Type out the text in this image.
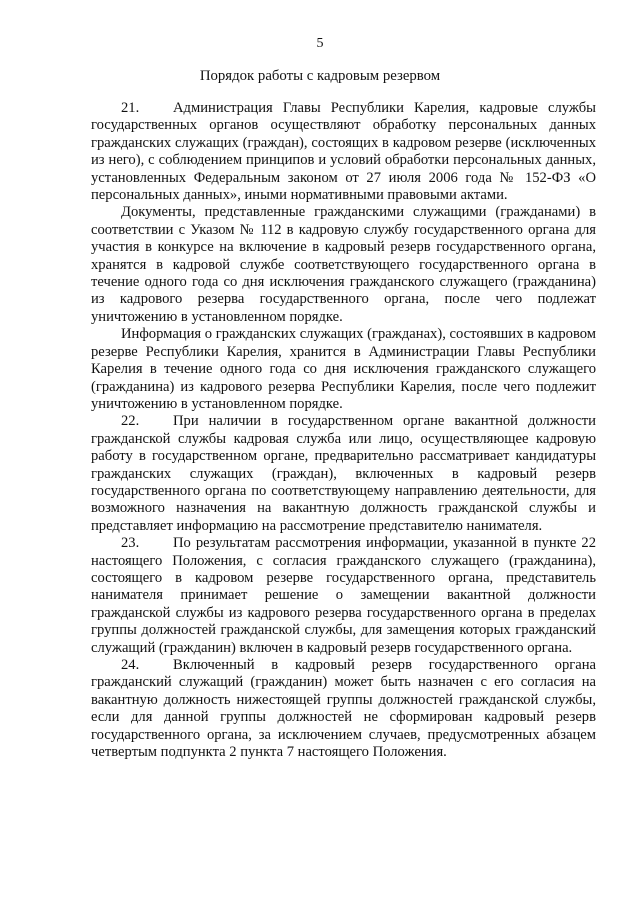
5
Порядок работы с кадровым резервом

21. Администрация Главы Республики Карелия, кадровые службы государственных органов осуществляют обработку персональных данных гражданских служащих (граждан), состоящих в кадровом резерве (исключенных из него), с соблюдением принципов и условий обработки персональных данных, установленных Федеральным законом от 27 июля 2006 года № 152-ФЗ «О персональных данных», иными нормативными правовыми актами.

Документы, представленные гражданскими служащими (гражданами) в соответствии с Указом № 112 в кадровую службу государственного органа для участия в конкурсе на включение в кадровый резерв государственного органа, хранятся в кадровой службе соответствующего государственного органа в течение одного года со дня исключения гражданского служащего (гражданина) из кадрового резерва государственного органа, после чего подлежат уничтожению в установленном порядке.

Информация о гражданских служащих (гражданах), состоявших в кадровом резерве Республики Карелия, хранится в Администрации Главы Республики Карелия в течение одного года со дня исключения гражданского служащего (гражданина) из кадрового резерва Республики Карелия, после чего подлежит уничтожению в установленном порядке.

22. При наличии в государственном органе вакантной должности гражданской службы кадровая служба или лицо, осуществляющее кадровую работу в государственном органе, предварительно рассматривает кандидатуры гражданских служащих (граждан), включенных в кадровый резерв государственного органа по соответствующему направлению деятельности, для возможного назначения на вакантную должность гражданской службы и представляет информацию на рассмотрение представителю нанимателя.

23. По результатам рассмотрения информации, указанной в пункте 22 настоящего Положения, с согласия гражданского служащего (гражданина), состоящего в кадровом резерве государственного органа, представитель нанимателя принимает решение о замещении вакантной должности гражданской службы из кадрового резерва государственного органа в пределах группы должностей гражданской службы, для замещения которых гражданский служащий (гражданин) включен в кадровый резерв государственного органа.

24. Включенный в кадровый резерв государственного органа гражданский служащий (гражданин) может быть назначен с его согласия на вакантную должность нижестоящей группы должностей гражданской службы, если для данной группы должностей не сформирован кадровый резерв государственного органа, за исключением случаев, предусмотренных абзацем четвертым подпункта 2 пункта 7 настоящего Положения.
